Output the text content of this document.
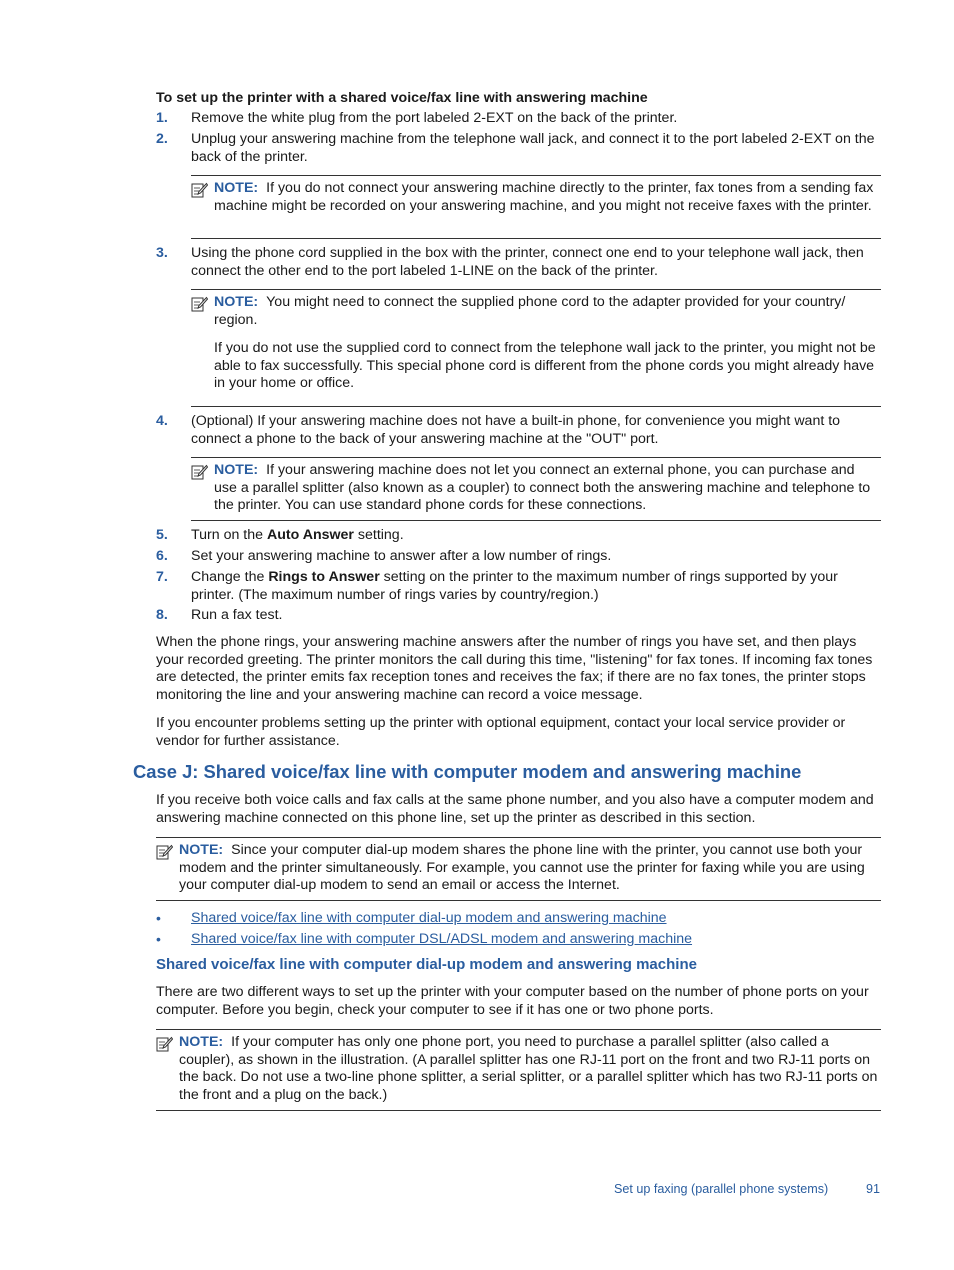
To set up the printer with a shared voice/fax line with answering machine
1. Remove the white plug from the port labeled 2-EXT on the back of the printer.
2. Unplug your answering machine from the telephone wall jack, and connect it to the port labeled 2-EXT on the back of the printer.
NOTE: If you do not connect your answering machine directly to the printer, fax tones from a sending fax machine might be recorded on your answering machine, and you might not receive faxes with the printer.
3. Using the phone cord supplied in the box with the printer, connect one end to your telephone wall jack, then connect the other end to the port labeled 1-LINE on the back of the printer.
NOTE: You might need to connect the supplied phone cord to the adapter provided for your country/ region.
If you do not use the supplied cord to connect from the telephone wall jack to the printer, you might not be able to fax successfully. This special phone cord is different from the phone cords you might already have in your home or office.
4. (Optional) If your answering machine does not have a built-in phone, for convenience you might want to connect a phone to the back of your answering machine at the "OUT" port.
NOTE: If your answering machine does not let you connect an external phone, you can purchase and use a parallel splitter (also known as a coupler) to connect both the answering machine and telephone to the printer. You can use standard phone cords for these connections.
5. Turn on the Auto Answer setting.
6. Set your answering machine to answer after a low number of rings.
7. Change the Rings to Answer setting on the printer to the maximum number of rings supported by your printer. (The maximum number of rings varies by country/region.)
8. Run a fax test.
When the phone rings, your answering machine answers after the number of rings you have set, and then plays your recorded greeting. The printer monitors the call during this time, "listening" for fax tones. If incoming fax tones are detected, the printer emits fax reception tones and receives the fax; if there are no fax tones, the printer stops monitoring the line and your answering machine can record a voice message.
If you encounter problems setting up the printer with optional equipment, contact your local service provider or vendor for further assistance.
Case J: Shared voice/fax line with computer modem and answering machine
If you receive both voice calls and fax calls at the same phone number, and you also have a computer modem and answering machine connected on this phone line, set up the printer as described in this section.
NOTE: Since your computer dial-up modem shares the phone line with the printer, you cannot use both your modem and the printer simultaneously. For example, you cannot use the printer for faxing while you are using your computer dial-up modem to send an email or access the Internet.
• Shared voice/fax line with computer dial-up modem and answering machine
• Shared voice/fax line with computer DSL/ADSL modem and answering machine
Shared voice/fax line with computer dial-up modem and answering machine
There are two different ways to set up the printer with your computer based on the number of phone ports on your computer. Before you begin, check your computer to see if it has one or two phone ports.
NOTE: If your computer has only one phone port, you need to purchase a parallel splitter (also called a coupler), as shown in the illustration. (A parallel splitter has one RJ-11 port on the front and two RJ-11 ports on the back. Do not use a two-line phone splitter, a serial splitter, or a parallel splitter which has two RJ-11 ports on the front and a plug on the back.)
Set up faxing (parallel phone systems)	91
